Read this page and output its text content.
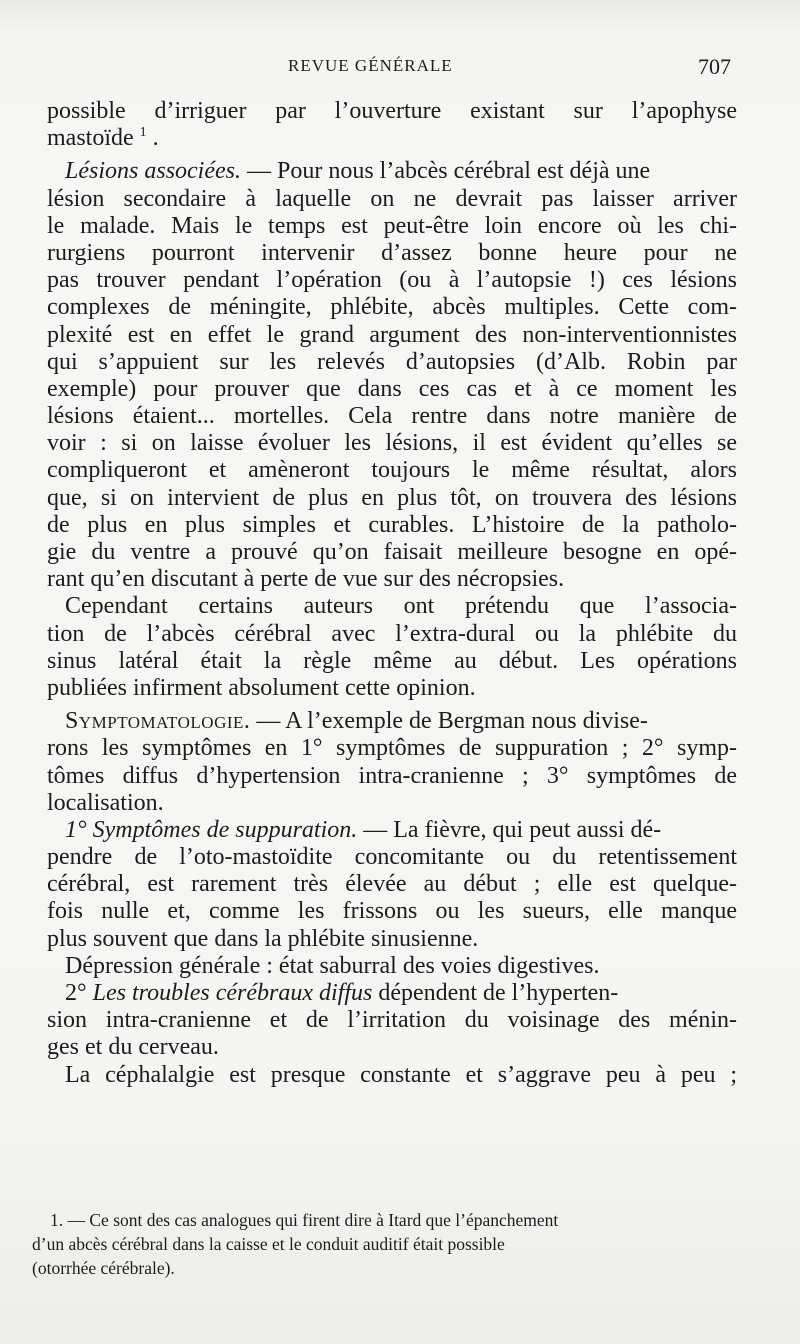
REVUE GÉNÉRALE	707
possible d’irriguer par l’ouverture existant sur l’apophyse
mastoïde $^1$ .
Lésions associées. — Pour nous l’abcès cérébral est déjà une
lésion secondaire à laquelle on ne devrait pas laisser arriver
le malade. Mais le temps est peut-être loin encore où les chi-
rurgiens pourront intervenir d’assez bonne heure pour ne
pas trouver pendant l’opération (ou à l’autopsie !) ces lésions
complexes de méningite, phlébite, abcès multiples. Cette com-
plexité est en effet le grand argument des non-interventionnistes
qui s’appuient sur les relevés d’autopsies (d’Alb. Robin par
exemple) pour prouver que dans ces cas et à ce moment les
lésions étaient... mortelles. Cela rentre dans notre manière de
voir : si on laisse évoluer les lésions, il est évident qu’elles se
compliqueront et amèneront toujours le même résultat, alors
que, si on intervient de plus en plus tôt, on trouvera des lésions
de plus en plus simples et curables. L’histoire de la patholo-
gie du ventre a prouvé qu’on faisait meilleure besogne en opé-
rant qu’en discutant à perte de vue sur des nécropsies.
Cependant certains auteurs ont prétendu que l’associa-
tion de l’abcès cérébral avec l’extra-dural ou la phlébite du
sinus latéral était la règle même au début. Les opérations
publiées infirment absolument cette opinion.
Symptomatologie. — A l’exemple de Bergman nous divise-
rons les symptômes en 1° symptômes de suppuration ; 2° symp-
tômes diffus d’hypertension intra-cranienne ; 3° symptômes de
localisation.
1° Symptômes de suppuration. — La fièvre, qui peut aussi dé-
pendre de l’oto-mastoïdite concomitante ou du retentissement
cérébral, est rarement très élevée au début ; elle est quelque-
fois nulle et, comme les frissons ou les sueurs, elle manque
plus souvent que dans la phlébite sinusienne.
Dépression générale : état saburral des voies digestives.
2° Les troubles cérébraux diffus dépendent de l’hyperten-
sion intra-cranienne et de l’irritation du voisinage des ménin-
ges et du cerveau.
La céphalalgie est presque constante et s’aggrave peu à peu ;
1. — Ce sont des cas analogues qui firent dire à Itard que l’épanchement
d’un abcès cérébral dans la caisse et le conduit auditif était possible
(otorrhée cérébrale).
